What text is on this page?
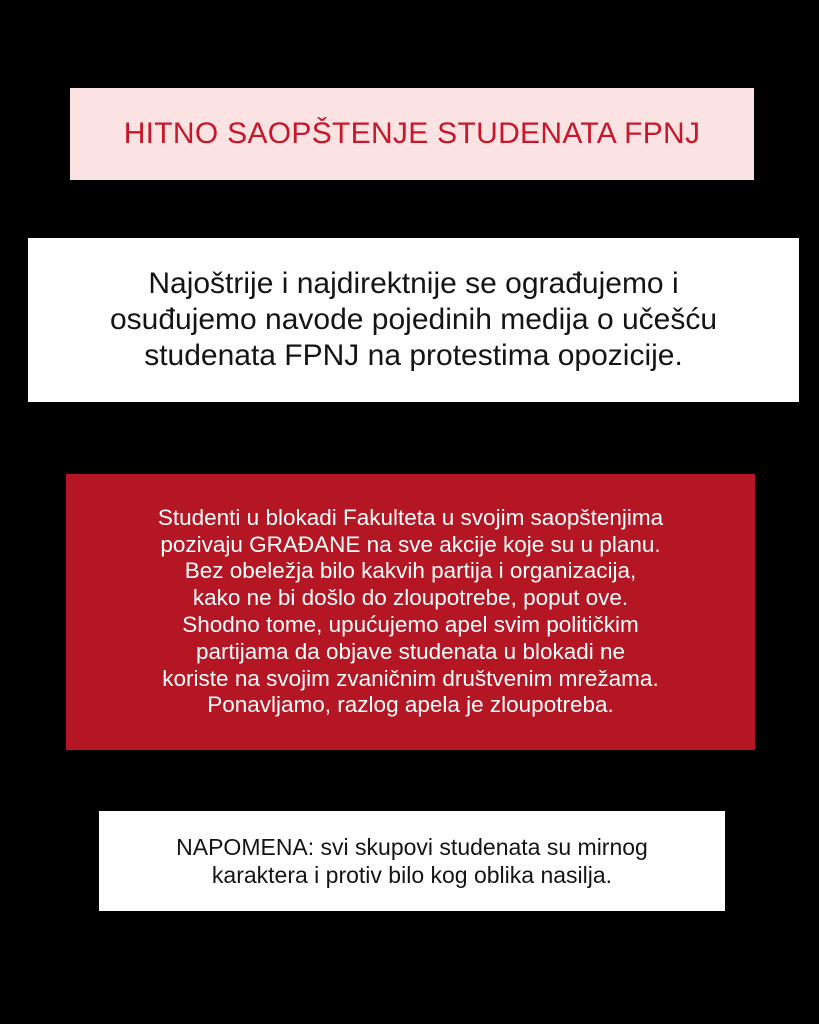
HITNO SAOPŠTENJE STUDENATA FPNJ
Najoštrije i najdirektnije se ograđujemo i
osuđujemo navode pojedinih medija o učešću
studenata FPNJ na protestima opozicije.
Studenti u blokadi Fakulteta u svojim saopštenjima
pozivaju GRAĐANE na sve akcije koje su u planu.
Bez obeležja bilo kakvih partija i organizacija,
kako ne bi došlo do zloupotrebe, poput ove.
Shodno tome, upućujemo apel svim političkim
partijama da objave studenata u blokadi ne
koriste na svojim zvaničnim društvenim mrežama.
Ponavljamo, razlog apela je zloupotreba.
NAPOMENA: svi skupovi studenata su mirnog
karaktera i protiv bilo kog oblika nasilja.
